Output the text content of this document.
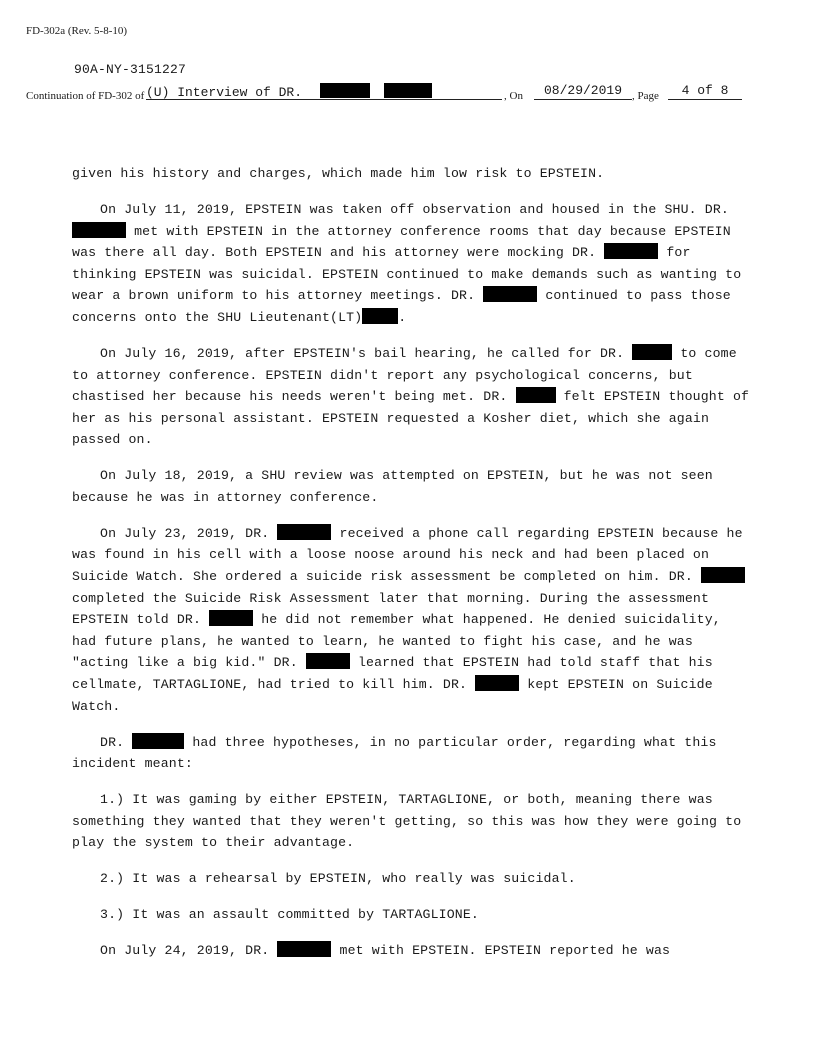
FD-302a (Rev. 5-8-10)
90A-NY-3151227
Continuation of FD-302 of (U) Interview of DR.	, On	08/29/2019 , Page	4 of 8

given his history and charges, which made him low risk to EPSTEIN.

On July 11, 2019, EPSTEIN was taken off observation and housed in the SHU. DR.  met with EPSTEIN in the attorney conference rooms that day because EPSTEIN was there all day. Both EPSTEIN and his attorney were mocking DR.	for thinking EPSTEIN was suicidal. EPSTEIN continued to make demands such as wanting to wear a brown uniform to his attorney meetings. DR.	continued to pass those concerns onto the SHU Lieutenant(LT)	.

On July 16, 2019, after EPSTEIN's bail hearing, he called for DR.	to come to attorney conference. EPSTEIN didn't report any psychological concerns, but chastised her because his needs weren't being met. DR.	felt EPSTEIN thought of her as his personal assistant. EPSTEIN requested a Kosher diet, which she again passed on.

On July 18, 2019, a SHU review was attempted on EPSTEIN, but he was not seen because he was in attorney conference.

On July 23, 2019, DR.	received a phone call regarding EPSTEIN because he was found in his cell with a loose noose around his neck and had been placed on Suicide Watch. She ordered a suicide risk assessment be completed on him. DR.  completed the Suicide Risk Assessment later that morning. During the assessment EPSTEIN told DR.	he did not remember what happened. He denied suicidality, had future plans, he wanted to learn, he wanted to fight his case, and he was "acting like a big kid." DR.	learned that EPSTEIN had told staff that his cellmate, TARTAGLIONE, had tried to kill him. DR.	kept EPSTEIN on Suicide Watch.

DR.	had three hypotheses, in no particular order, regarding what this incident meant:

1.) It was gaming by either EPSTEIN, TARTAGLIONE, or both, meaning there was something they wanted that they weren't getting, so this was how they were going to play the system to their advantage.

2.) It was a rehearsal by EPSTEIN, who really was suicidal.

3.) It was an assault committed by TARTAGLIONE.

On July 24, 2019, DR.	met with EPSTEIN. EPSTEIN reported he was
